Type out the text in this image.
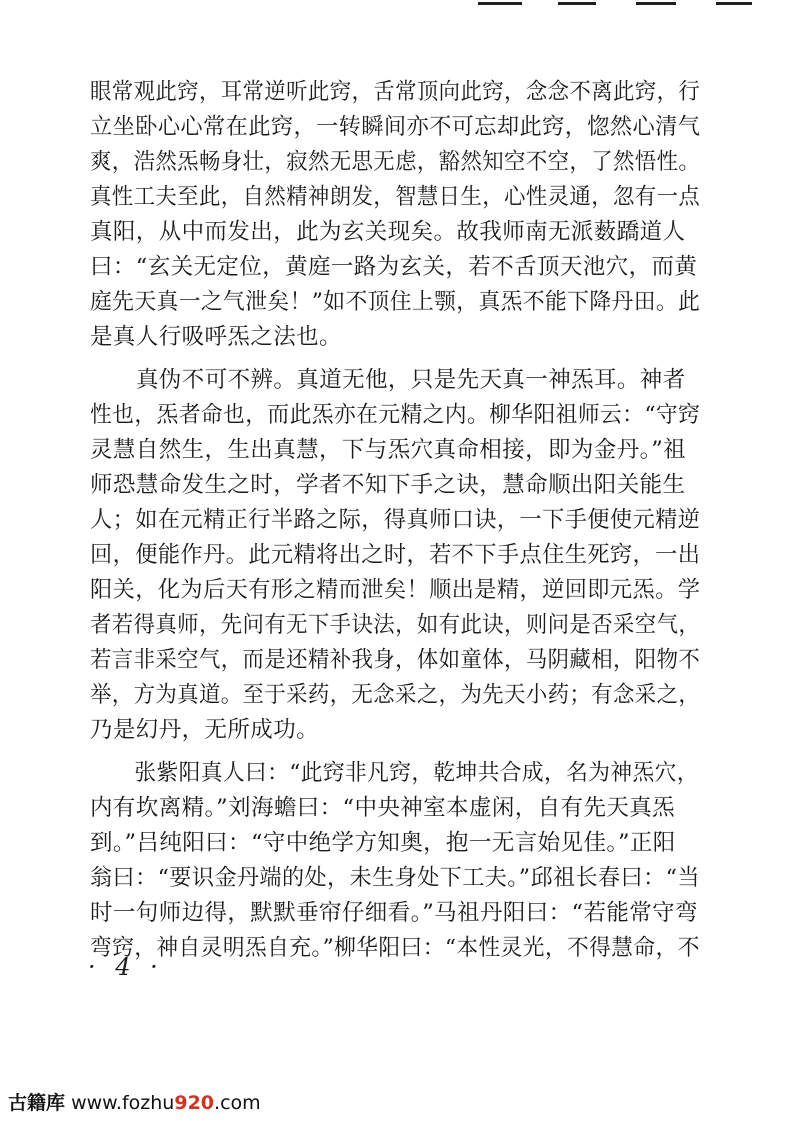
眼常观此窍，耳常逆听此窍，舌常顶向此窍，念念不离此窍，行
立坐卧心心常在此窍，一转瞬间亦不可忘却此窍，惚然心清气
爽，浩然炁畅身壮，寂然无思无虑，豁然知空不空，了然悟性。
真性工夫至此，自然精神朗发，智慧日生，心性灵通，忽有一点
真阳，从中而发出，此为玄关现矣。故我师南无派薮蹻道人
曰：“玄关无定位，黄庭一路为玄关，若不舌顶天池穴，而黄
庭先天真一之气泄矣！”如不顶住上颚，真炁不能下降丹田。此
是真人行吸呼炁之法也。
真伪不可不辨。真道无他，只是先天真一神炁耳。神者
性也，炁者命也，而此炁亦在元精之内。柳华阳祖师云：“守窍
灵慧自然生，生出真慧，下与炁穴真命相接，即为金丹。”祖
师恐慧命发生之时，学者不知下手之诀，慧命顺出阳关能生
人；如在元精正行半路之际，得真师口诀，一下手便使元精逆
回，便能作丹。此元精将出之时，若不下手点住生死窍，一出
阳关，化为后天有形之精而泄矣！顺出是精，逆回即元炁。学
者若得真师，先问有无下手诀法，如有此诀，则问是否采空气，
若言非采空气，而是还精补我身，体如童体，马阴藏相，阳物不
举，方为真道。至于采药，无念采之，为先天小药；有念采之，
乃是幻丹，无所成功。
张紫阳真人曰：“此窍非凡窍，乾坤共合成，名为神炁穴，
内有坎离精。”刘海蟾曰：“中央神室本虚闲，自有先天真炁
到。”吕纯阳曰：“守中绝学方知奥，抱一无言始见佳。”正阳
翁曰：“要识金丹端的处，未生身处下工夫。”邱祖长春曰：“当
时一句师边得，默默垂帘仔细看。”马祖丹阳曰：“若能常守弯
弯窍，神自灵明炁自充。”柳华阳曰：“本性灵光，不得慧命，不
· 4 ·
古籍库 www.fozhu920.com
